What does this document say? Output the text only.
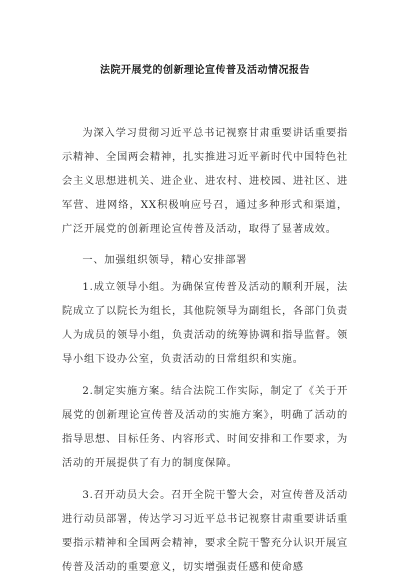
法院开展党的创新理论宣传普及活动情况报告

为深入学习贯彻习近平总书记视察甘肃重要讲话重要指示精神、全国两会精神，扎实推进习近平新时代中国特色社会主义思想进机关、进企业、进农村、进校园、进社区、进军营、进网络，XX积极响应号召，通过多种形式和渠道，广泛开展党的创新理论宣传普及活动，取得了显著成效。

一、加强组织领导，精心安排部署

1.成立领导小组。为确保宣传普及活动的顺利开展，法院成立了以院长为组长，其他院领导为副组长，各部门负责人为成员的领导小组，负责活动的统筹协调和指导监督。领导小组下设办公室，负责活动的日常组织和实施。

2.制定实施方案。结合法院工作实际，制定了《关于开展党的创新理论宣传普及活动的实施方案》，明确了活动的指导思想、目标任务、内容形式、时间安排和工作要求，为活动的开展提供了有力的制度保障。

3.召开动员大会。召开全院干警大会，对宣传普及活动进行动员部署，传达学习习近平总书记视察甘肃重要讲话重要指示精神和全国两会精神，要求全院干警充分认识开展宣传普及活动的重要意义，切实增强责任感和使命感
